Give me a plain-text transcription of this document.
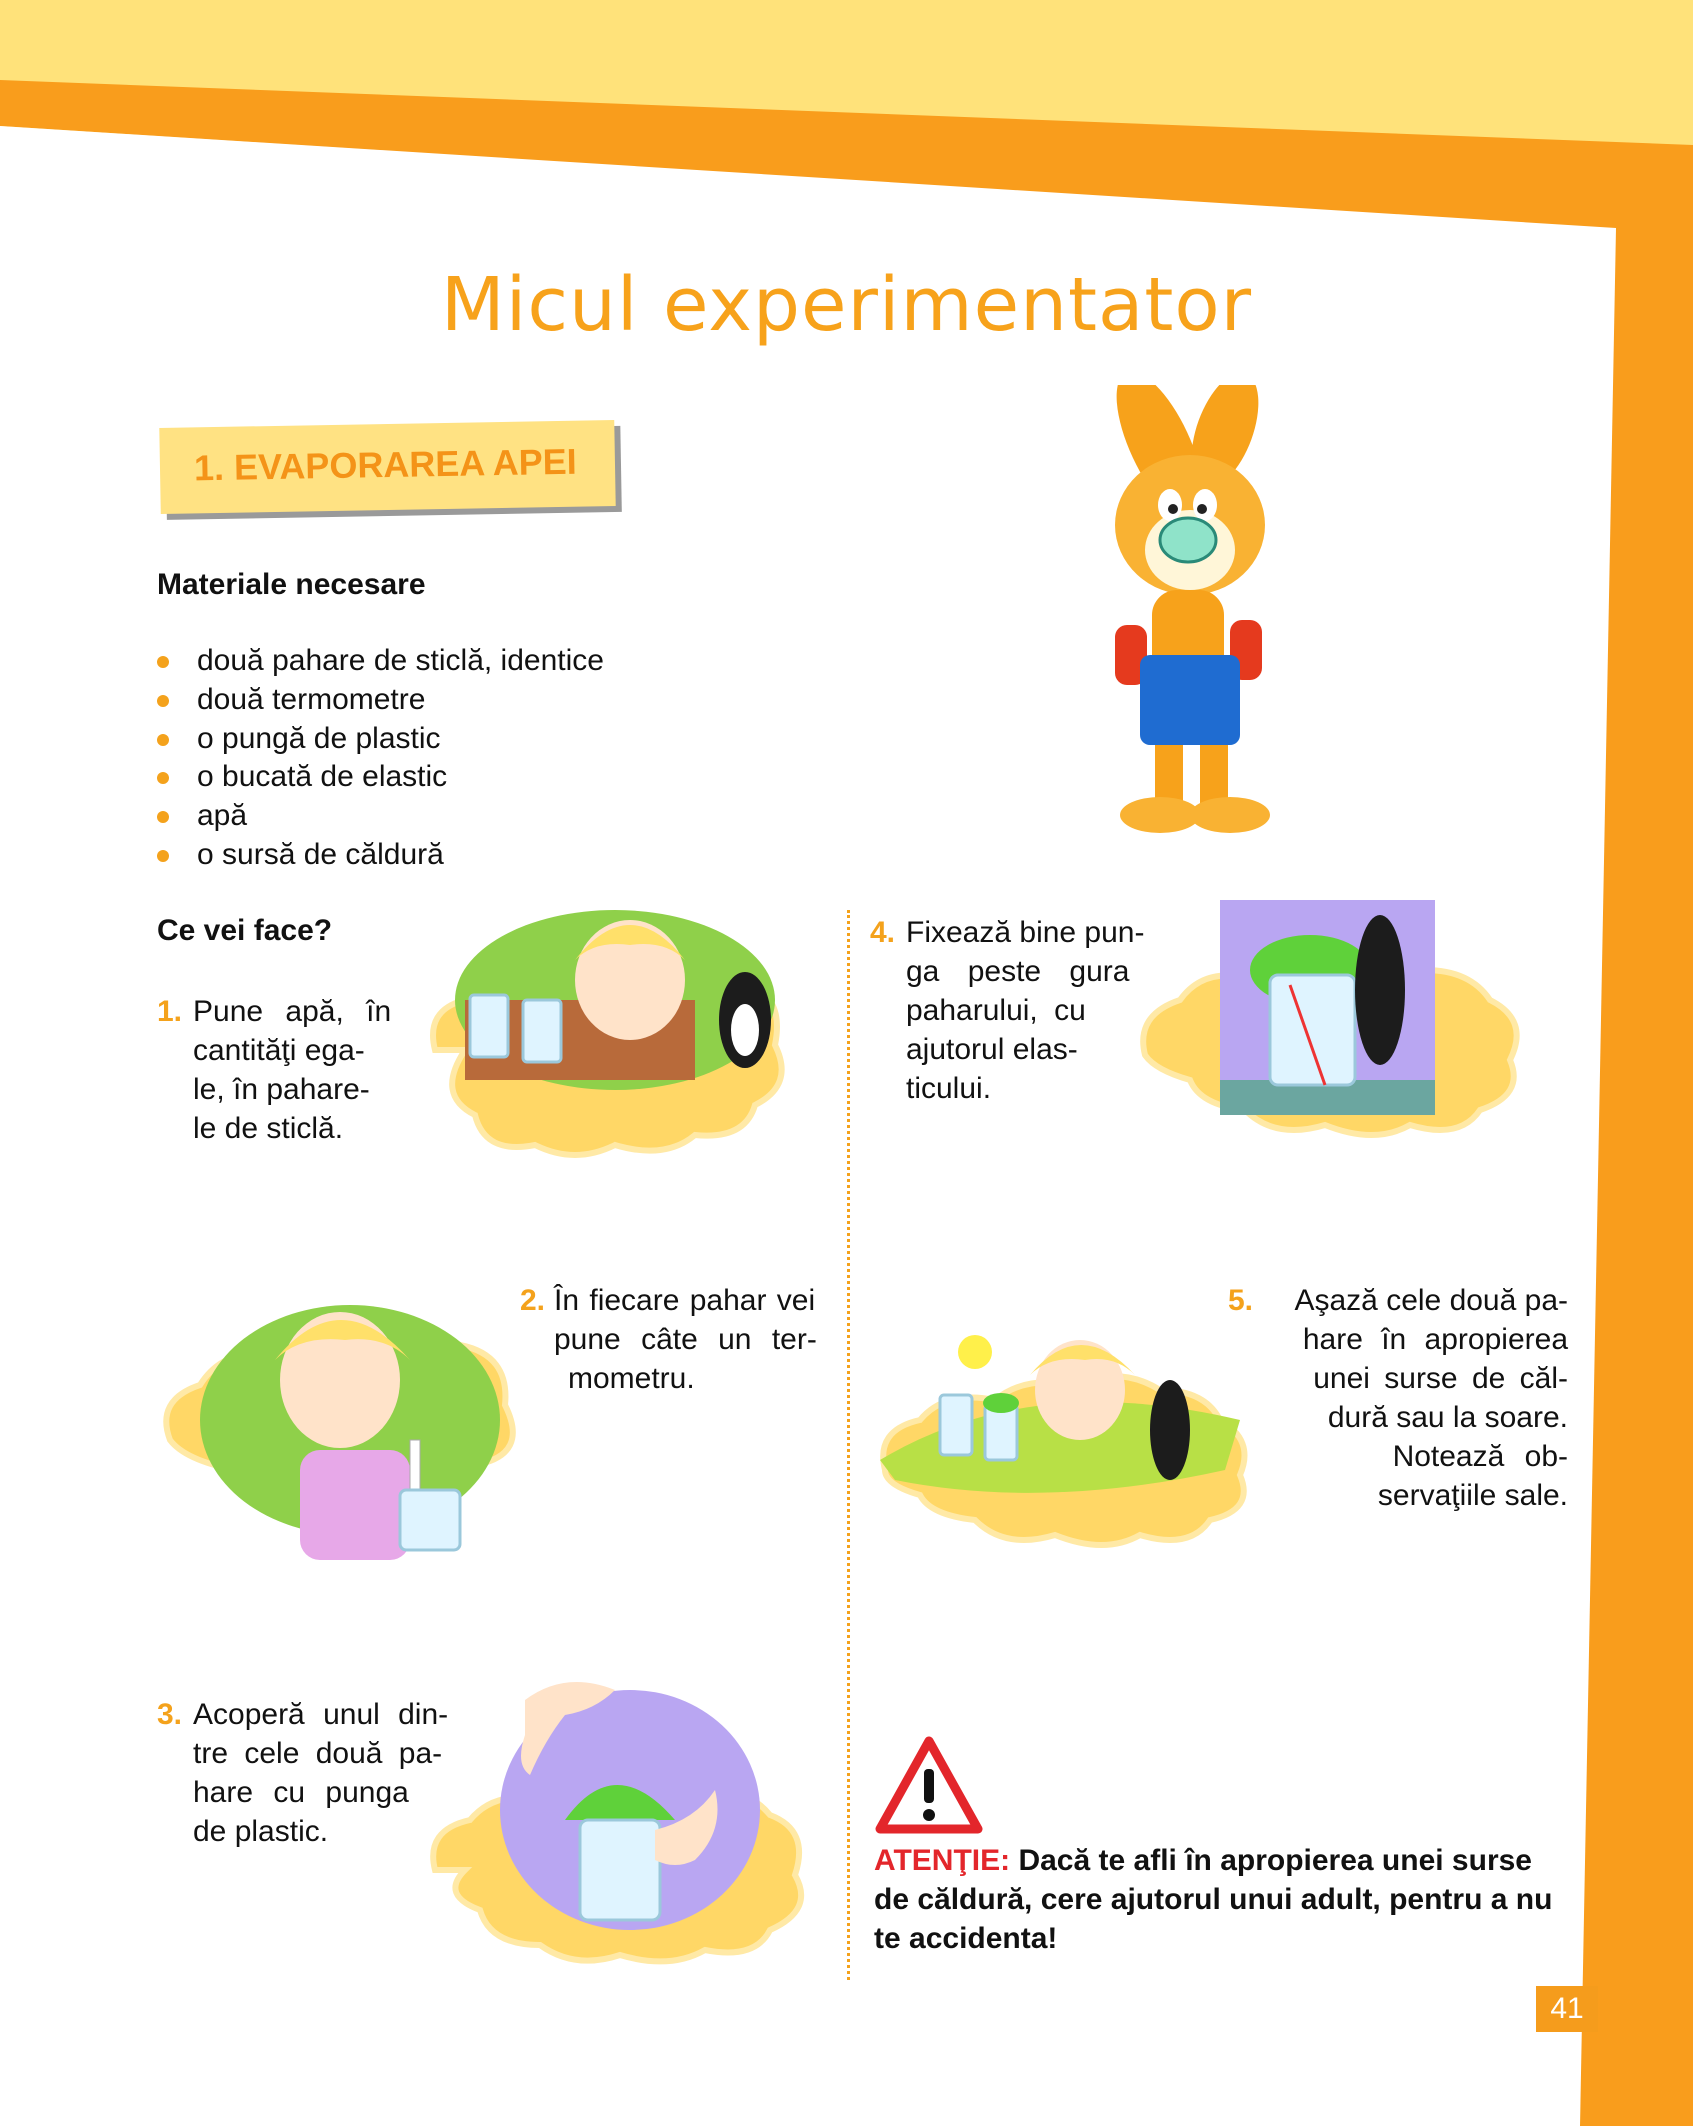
Micul experimentator
1. EVAPORAREA APEI
Materiale necesare
două pahare de sticlă, identice
două termometre
o pungă de plastic
o bucată de elastic
apă
o sursă de căldură
Ce vei face?
1. Pune apă, în
cantităţi ega-
le, în pahare-
le de sticlă.
2. În fiecare pahar vei
pune câte un ter-
mometru.
3. Acoperă unul din-
tre cele două pa-
hare cu punga
de plastic.
4. Fixează bine pun-
ga peste gura
paharului, cu
ajutorul elas-
ticului.
5.	Aşază cele două pa-
hare în apropierea
unei surse de căl-
dură sau la soare.
Notează ob-
servaţiile sale.
ATENŢIE: Dacă te afli în apropierea unei surse de căldură, cere ajutorul unui adult, pentru a nu te accidenta!
41
